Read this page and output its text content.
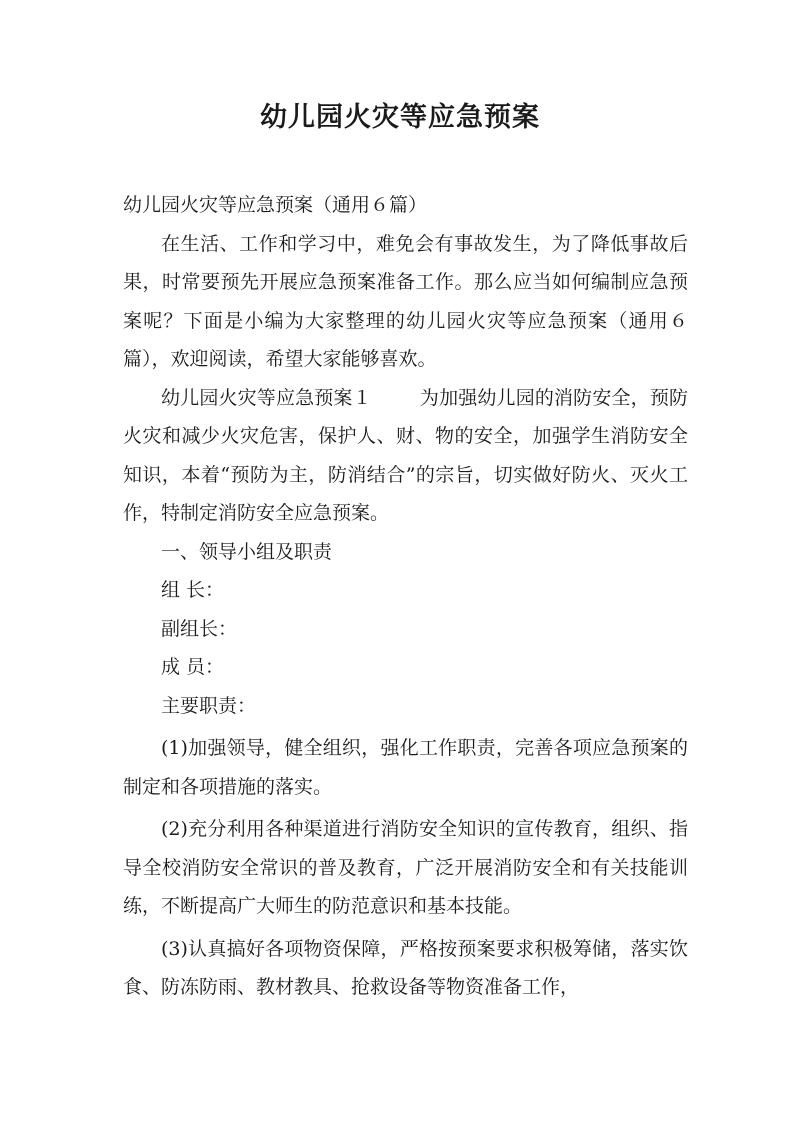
幼儿园火灾等应急预案

幼儿园火灾等应急预案（通用６篇）

在生活、工作和学习中，难免会有事故发生，为了降低事故后果，时常要预先开展应急预案准备工作。那么应当如何编制应急预案呢？下面是小编为大家整理的幼儿园火灾等应急预案（通用６篇），欢迎阅读，希望大家能够喜欢。

幼儿园火灾等应急预案１	为加强幼儿园的消防安全，预防火灾和减少火灾危害，保护人、财、物的安全，加强学生消防安全知识，本着“预防为主，防消结合”的宗旨，切实做好防火、灭火工作，特制定消防安全应急预案。

一、领导小组及职责

组 长：

副组长：

成 员：

主要职责：

(1)加强领导，健全组织，强化工作职责，完善各项应急预案的制定和各项措施的落实。

(2)充分利用各种渠道进行消防安全知识的宣传教育，组织、指导全校消防安全常识的普及教育，广泛开展消防安全和有关技能训练，不断提高广大师生的防范意识和基本技能。

(3)认真搞好各项物资保障，严格按预案要求积极筹储，落实饮食、防冻防雨、教材教具、抢救设备等物资准备工作，
